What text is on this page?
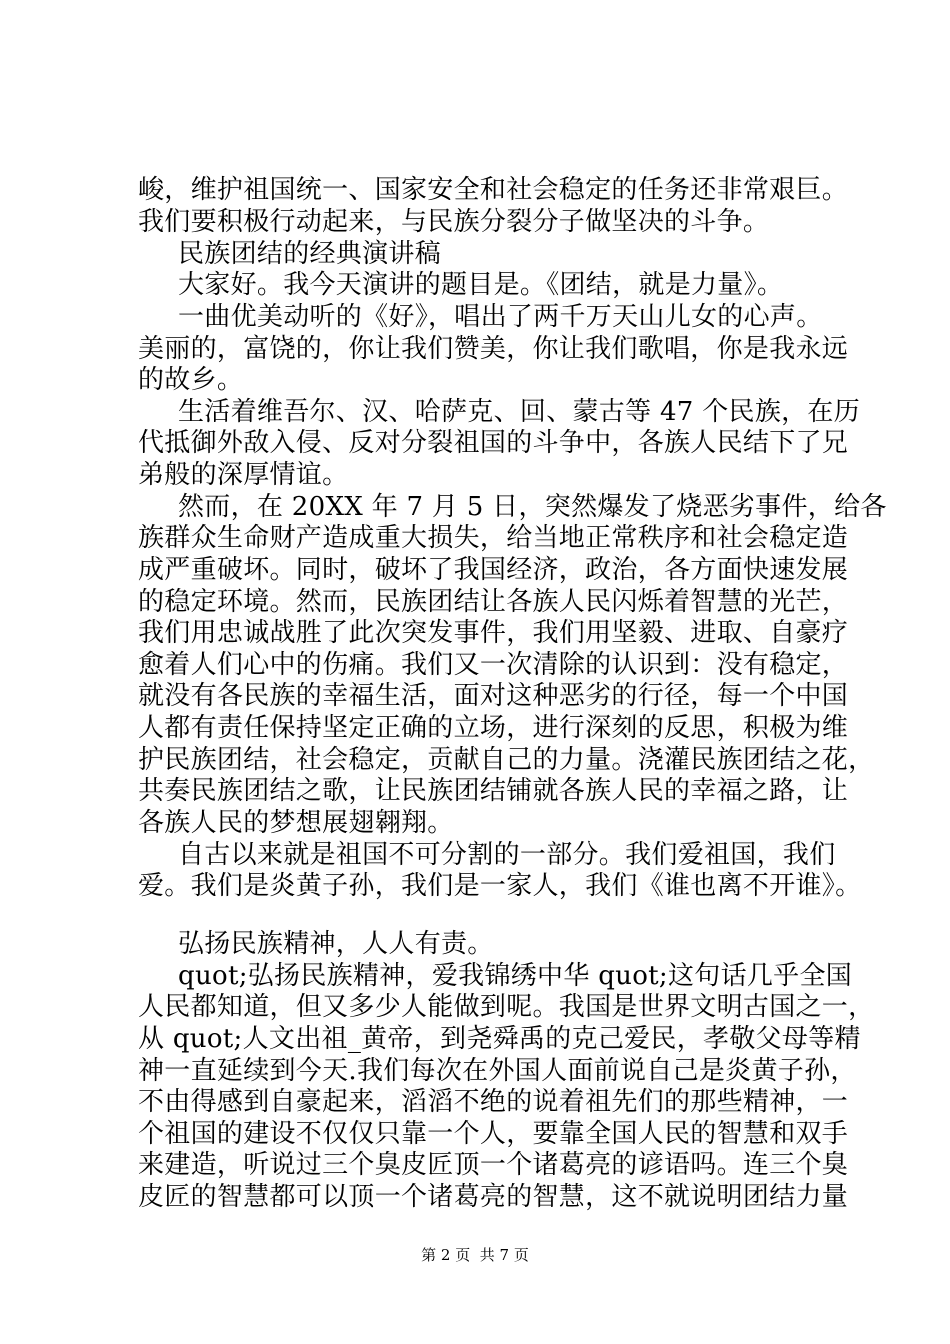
峻，维护祖国统一、国家安全和社会稳定的任务还非常艰巨。
我们要积极行动起来，与民族分裂分子做坚决的斗争。
民族团结的经典演讲稿
大家好。我今天演讲的题目是。《团结，就是力量》。
一曲优美动听的《好》，唱出了两千万天山儿女的心声。
美丽的，富饶的，你让我们赞美，你让我们歌唱，你是我永远
的故乡。
生活着维吾尔、汉、哈萨克、回、蒙古等 47 个民族，在历
代抵御外敌入侵、反对分裂祖国的斗争中，各族人民结下了兄
弟般的深厚情谊。
然而，在 20XX 年 7 月 5 日，突然爆发了烧恶劣事件，给各
族群众生命财产造成重大损失，给当地正常秩序和社会稳定造
成严重破坏。同时，破坏了我国经济，政治，各方面快速发展
的稳定环境。然而，民族团结让各族人民闪烁着智慧的光芒，
我们用忠诚战胜了此次突发事件，我们用坚毅、进取、自豪疗
愈着人们心中的伤痛。我们又一次清除的认识到：没有稳定，
就没有各民族的幸福生活，面对这种恶劣的行径，每一个中国
人都有责任保持坚定正确的立场，进行深刻的反思，积极为维
护民族团结，社会稳定，贡献自己的力量。浇灌民族团结之花，
共奏民族团结之歌，让民族团结铺就各族人民的幸福之路，让
各族人民的梦想展翅翱翔。
自古以来就是祖国不可分割的一部分。我们爱祖国，我们
爱。我们是炎黄子孙，我们是一家人，我们《谁也离不开谁》。
弘扬民族精神，人人有责。
quot;弘扬民族精神，爱我锦绣中华 quot;这句话几乎全国
人民都知道，但又多少人能做到呢。我国是世界文明古国之一，
从 quot;人文出祖_黄帝，到尧舜禹的克己爱民，孝敬父母等精
神一直延续到今天.我们每次在外国人面前说自己是炎黄子孙，
不由得感到自豪起来，滔滔不绝的说着祖先们的那些精神，一
个祖国的建设不仅仅只靠一个人，要靠全国人民的智慧和双手
来建造，听说过三个臭皮匠顶一个诸葛亮的谚语吗。连三个臭
皮匠的智慧都可以顶一个诸葛亮的智慧，这不就说明团结力量
第 2 页  共 7 页
